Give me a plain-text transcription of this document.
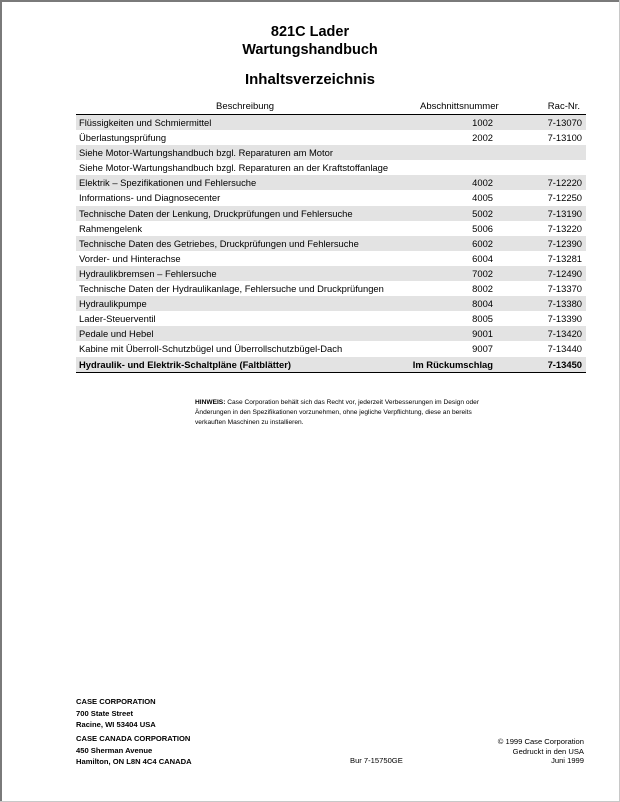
821C Lader
Wartungshandbuch
Inhaltsverzeichnis
Beschreibung	Abschnittsnummer	Rac-Nr.
Flüssigkeiten und Schmiermittel	1002	7-13070
Überlastungsprüfung	2002	7-13100
Siehe Motor-Wartungshandbuch bzgl. Reparaturen am Motor
Siehe Motor-Wartungshandbuch bzgl. Reparaturen an der Kraftstoffanlage
Elektrik – Spezifikationen und Fehlersuche	4002	7-12220
Informations- und Diagnosecenter	4005	7-12250
Technische Daten der Lenkung, Druckprüfungen und Fehlersuche	5002	7-13190
Rahmengelenk	5006	7-13220
Technische Daten des Getriebes, Druckprüfungen und Fehlersuche	6002	7-12390
Vorder- und Hinterachse	6004	7-13281
Hydraulikbremsen – Fehlersuche	7002	7-12490
Technische Daten der Hydraulikanlage, Fehlersuche und Druckprüfungen	8002	7-13370
Hydraulikpumpe	8004	7-13380
Lader-Steuerventil	8005	7-13390
Pedale und Hebel	9001	7-13420
Kabine mit Überroll-Schutzbügel und Überrollschutzbügel-Dach	9007	7-13440
Hydraulik- und Elektrik-Schaltpläne (Faltblätter)	Im Rückumschlag	7-13450
HINWEIS: Case Corporation behält sich das Recht vor, jederzeit Verbesserungen im Design oder Änderungen in den Spezifikationen vorzunehmen, ohne jegliche Verpflichtung, diese an bereits verkauften Maschinen zu installieren.
CASE CORPORATION
700 State Street
Racine, WI 53404 USA
CASE CANADA CORPORATION
450 Sherman Avenue
Hamilton, ON L8N 4C4 CANADA	Bur 7-15750GE
© 1999 Case Corporation
Gedruckt in den USA
Juni 1999
